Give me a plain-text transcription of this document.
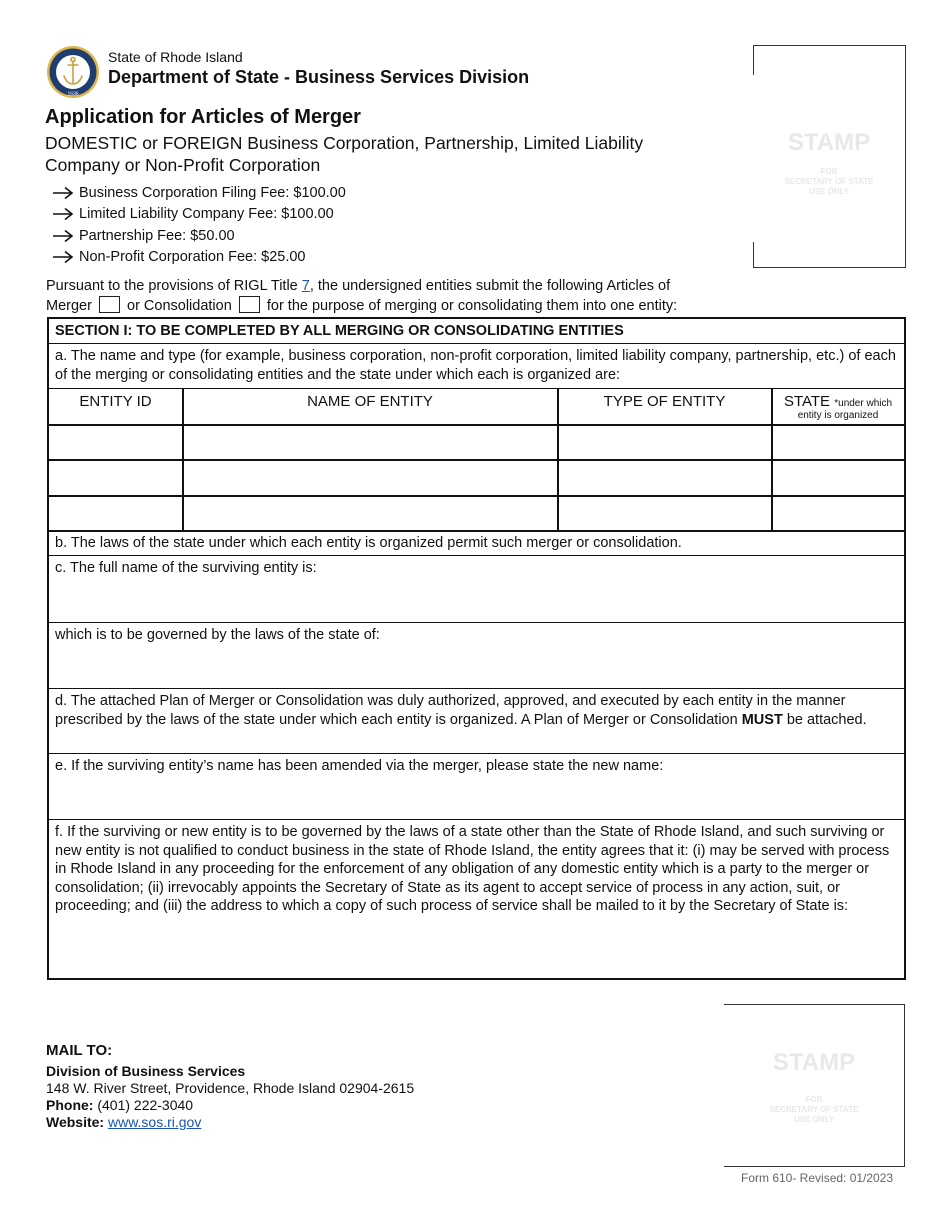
1636
State of Rhode Island
Department of State - Business Services Division
Application for Articles of Merger
DOMESTIC or FOREIGN Business Corporation, Partnership, Limited Liability Company or Non-Profit Corporation
Business Corporation Filing Fee: $100.00
Limited Liability Company Fee: $100.00
Partnership Fee: $50.00
Non-Profit Corporation Fee: $25.00
STAMP
FOR
SECRETARY OF STATE
USE ONLY
Pursuant to the provisions of RIGL Title 7, the undersigned entities submit the following Articles of
Merger or Consolidation for the purpose of merging or consolidating them into one entity:
SECTION I: TO BE COMPLETED BY ALL MERGING OR CONSOLIDATING ENTITIES
a. The name and type (for example, business corporation, non-profit corporation, limited liability company, partnership, etc.) of each of the merging or consolidating entities and the state under which each is organized are:
ENTITY ID	NAME OF ENTITY	TYPE OF ENTITY	STATE *under which
$^{entity is organized}$
b. The laws of the state under which each entity is organized permit such merger or consolidation.
c. The full name of the surviving entity is:
which is to be governed by the laws of the state of:
d. The attached Plan of Merger or Consolidation was duly authorized, approved, and executed by each entity in the manner prescribed by the laws of the state under which each entity is organized. A Plan of Merger or Consolidation MUST be attached.
e. If the surviving entity’s name has been amended via the merger, please state the new name:
f. If the surviving or new entity is to be governed by the laws of a state other than the State of Rhode Island, and such surviving or new entity is not qualified to conduct business in the state of Rhode Island, the entity agrees that it: (i) may be served with process in Rhode Island in any proceeding for the enforcement of any obligation of any domestic entity which is a party to the merger or consolidation; (ii) irrevocably appoints the Secretary of State as its agent to accept service of process in any action, suit, or proceeding; and (iii) the address to which a copy of such process of service shall be mailed to it by the Secretary of State is:
MAIL TO:
Division of Business Services
148 W. River Street, Providence, Rhode Island 02904-2615
Phone: (401) 222-3040
Website: www.sos.ri.gov
STAMP
FOR
SECRETARY OF STATE
USE ONLY
Form 610- Revised: 01/2023
